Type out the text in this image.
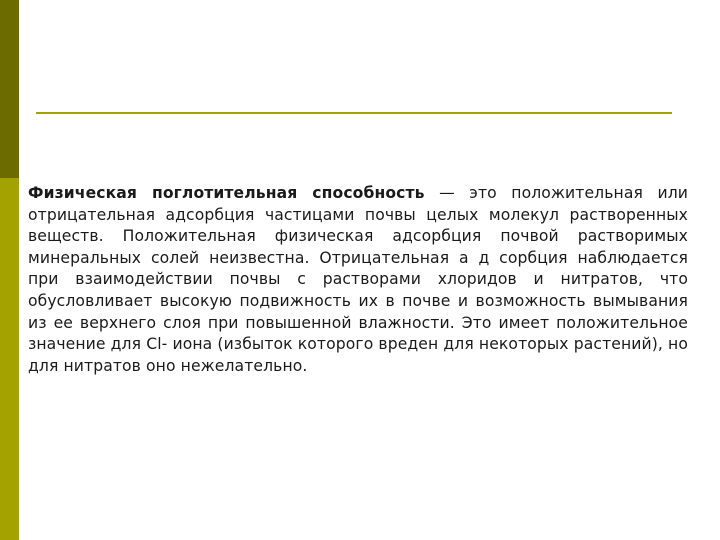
Физическая поглотительная способность — это положительная или отрицательная адсорбция частицами почвы целых молекул растворенных веществ. Положительная физическая адсорбция почвой растворимых минеральных солей неизвестна. Отрицательная а д сорбция наблюдается при взаимодействии почвы с растворами хлоридов и нитратов, что обусловливает высокую подвижность их в почве и возможность вымывания из ее верхнего слоя при повышенной влажности. Это имеет положительное значение для Cl- иона (избыток которого вреден для некоторых растений), но для нитратов оно нежелательно.
